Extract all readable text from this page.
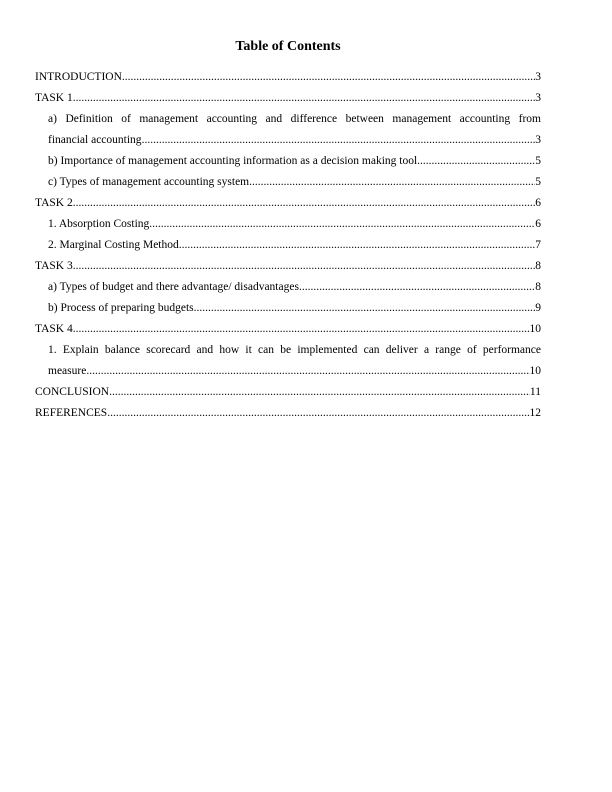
Table of Contents
INTRODUCTION .....	3
TASK 1 .....	3
a) Definition of management accounting and difference between management accounting from
financial accounting .....	3
b) Importance of management accounting information as a decision making tool .....	5
c) Types of management accounting system .....	5
TASK 2 .....	6
1. Absorption Costing .....	6
2. Marginal Costing Method .....	7
TASK 3 .....	8
a) Types of budget and there advantage/ disadvantages .....	8
b) Process of preparing budgets .....	9
TASK 4 .....	10
1. Explain balance scorecard and how it can be implemented can deliver a range of performance
measure .....	10
CONCLUSION .....	11
REFERENCES .....	12
